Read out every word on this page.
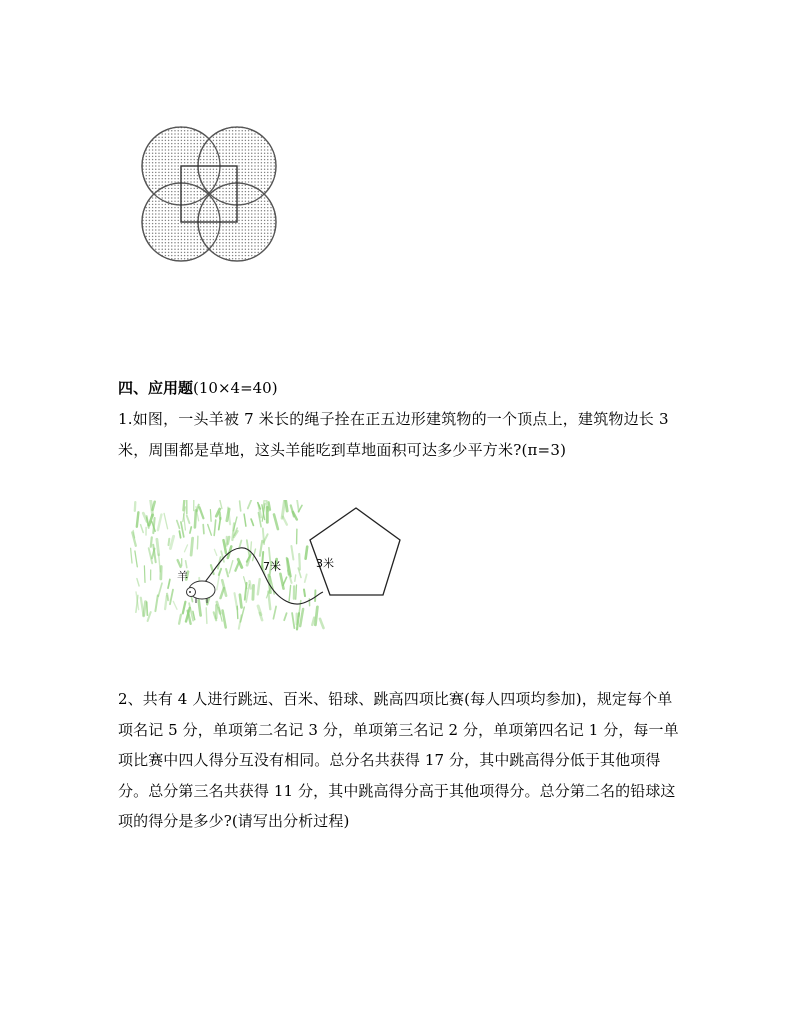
四、应用题(10×4=40)
1.如图，一头羊被 7 米长的绳子拴在正五边形建筑物的一个顶点上，建筑物边长 3 米，周围都是草地，这头羊能吃到草地面积可达多少平方米?(π=3)
羊
7米	3米
2、共有 4 人进行跳远、百米、铅球、跳高四项比赛(每人四项均参加)，规定每个单项名记 5 分，单项第二名记 3 分，单项第三名记 2 分，单项第四名记 1 分，每一单项比赛中四人得分互没有相同。总分名共获得 17 分，其中跳高得分低于其他项得分。总分第三名共获得 11 分，其中跳高得分高于其他项得分。总分第二名的铅球这项的得分是多少?(请写出分析过程)
